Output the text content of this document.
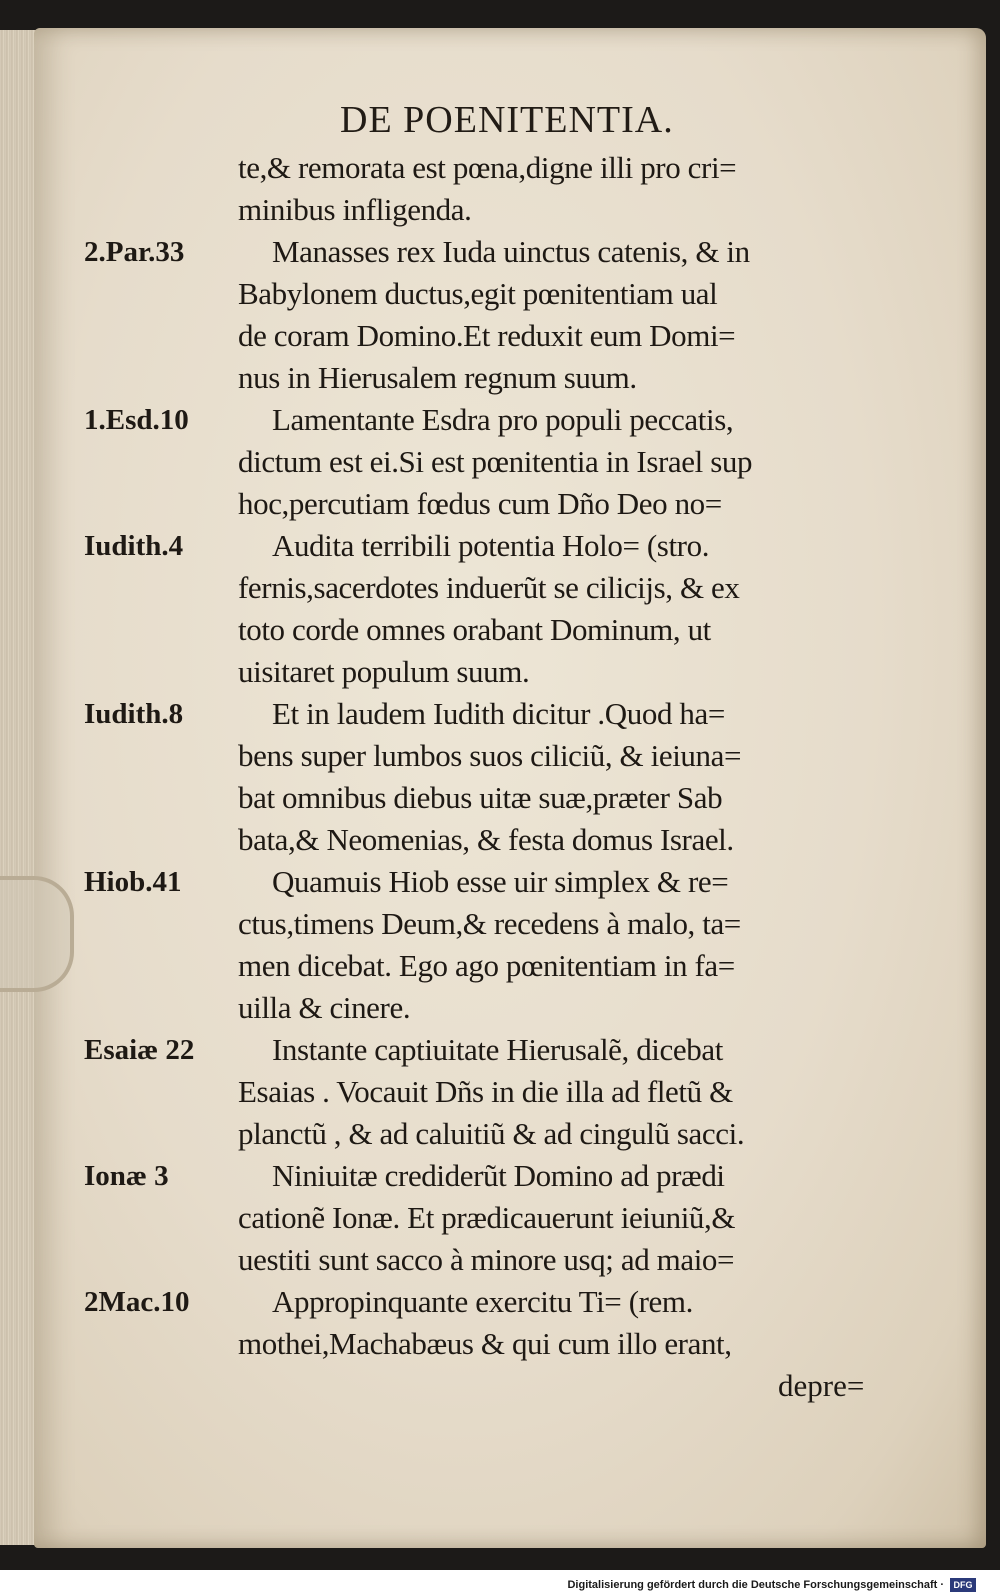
DE POENITENTIA.
te,& remorata est pœna,digne illi pro cri=
minibus infligenda.
Manasses rex Iuda uinctus catenis, & in
Babylonem ductus,egit pœnitentiam ual
de coram Domino.Et reduxit eum Domi=
nus in Hierusalem regnum suum.
Lamentante Esdra pro populi peccatis,
dictum est ei.Si est pœnitentia in Israel sup
hoc,percutiam fœdus cum Dño Deo no=
Audita terribili potentia Holo= (stro.
fernis,sacerdotes induerũt se ciliciјs, & ex
toto corde omnes orabant Dominum, ut
uisitaret populum suum.
Et in laudem Iudith dicitur .Quod ha=
bens super lumbos suos ciliciũ, & ieiuna=
bat omnibus diebus uitæ suæ,præter Sab
bata,& Neomenias, & festa domus Israel.
Quamuis Hiob esse uir simplex & re=
ctus,timens Deum,& recedens à malo, ta=
men dicebat. Ego ago pœnitentiam in fa=
uilla & cinere.
Instante captiuitate Hierusalẽ, dicebat
Esaias . Vocauit Dñs in die illa ad fletũ &
planctũ , & ad caluitiũ & ad cingulũ sacci.
Niniuitæ crediderũt Domino ad prædi
cationẽ Ionæ. Et prædicauerunt ieiuniũ,&
uestiti sunt sacco à minore usq; ad maio=
Appropinquante exercitu Ti= (rem.
mothei,Machabæus & qui cum illo erant,
depre=
2.Par.33
1.Esd.10
Iudith.4
Iudith.8
Hiob.41
Esaiæ 22
Ionæ 3
2Mac.10
Digitalisierung gefördert durch die Deutsche Forschungsgemeinschaft ·	DFG
